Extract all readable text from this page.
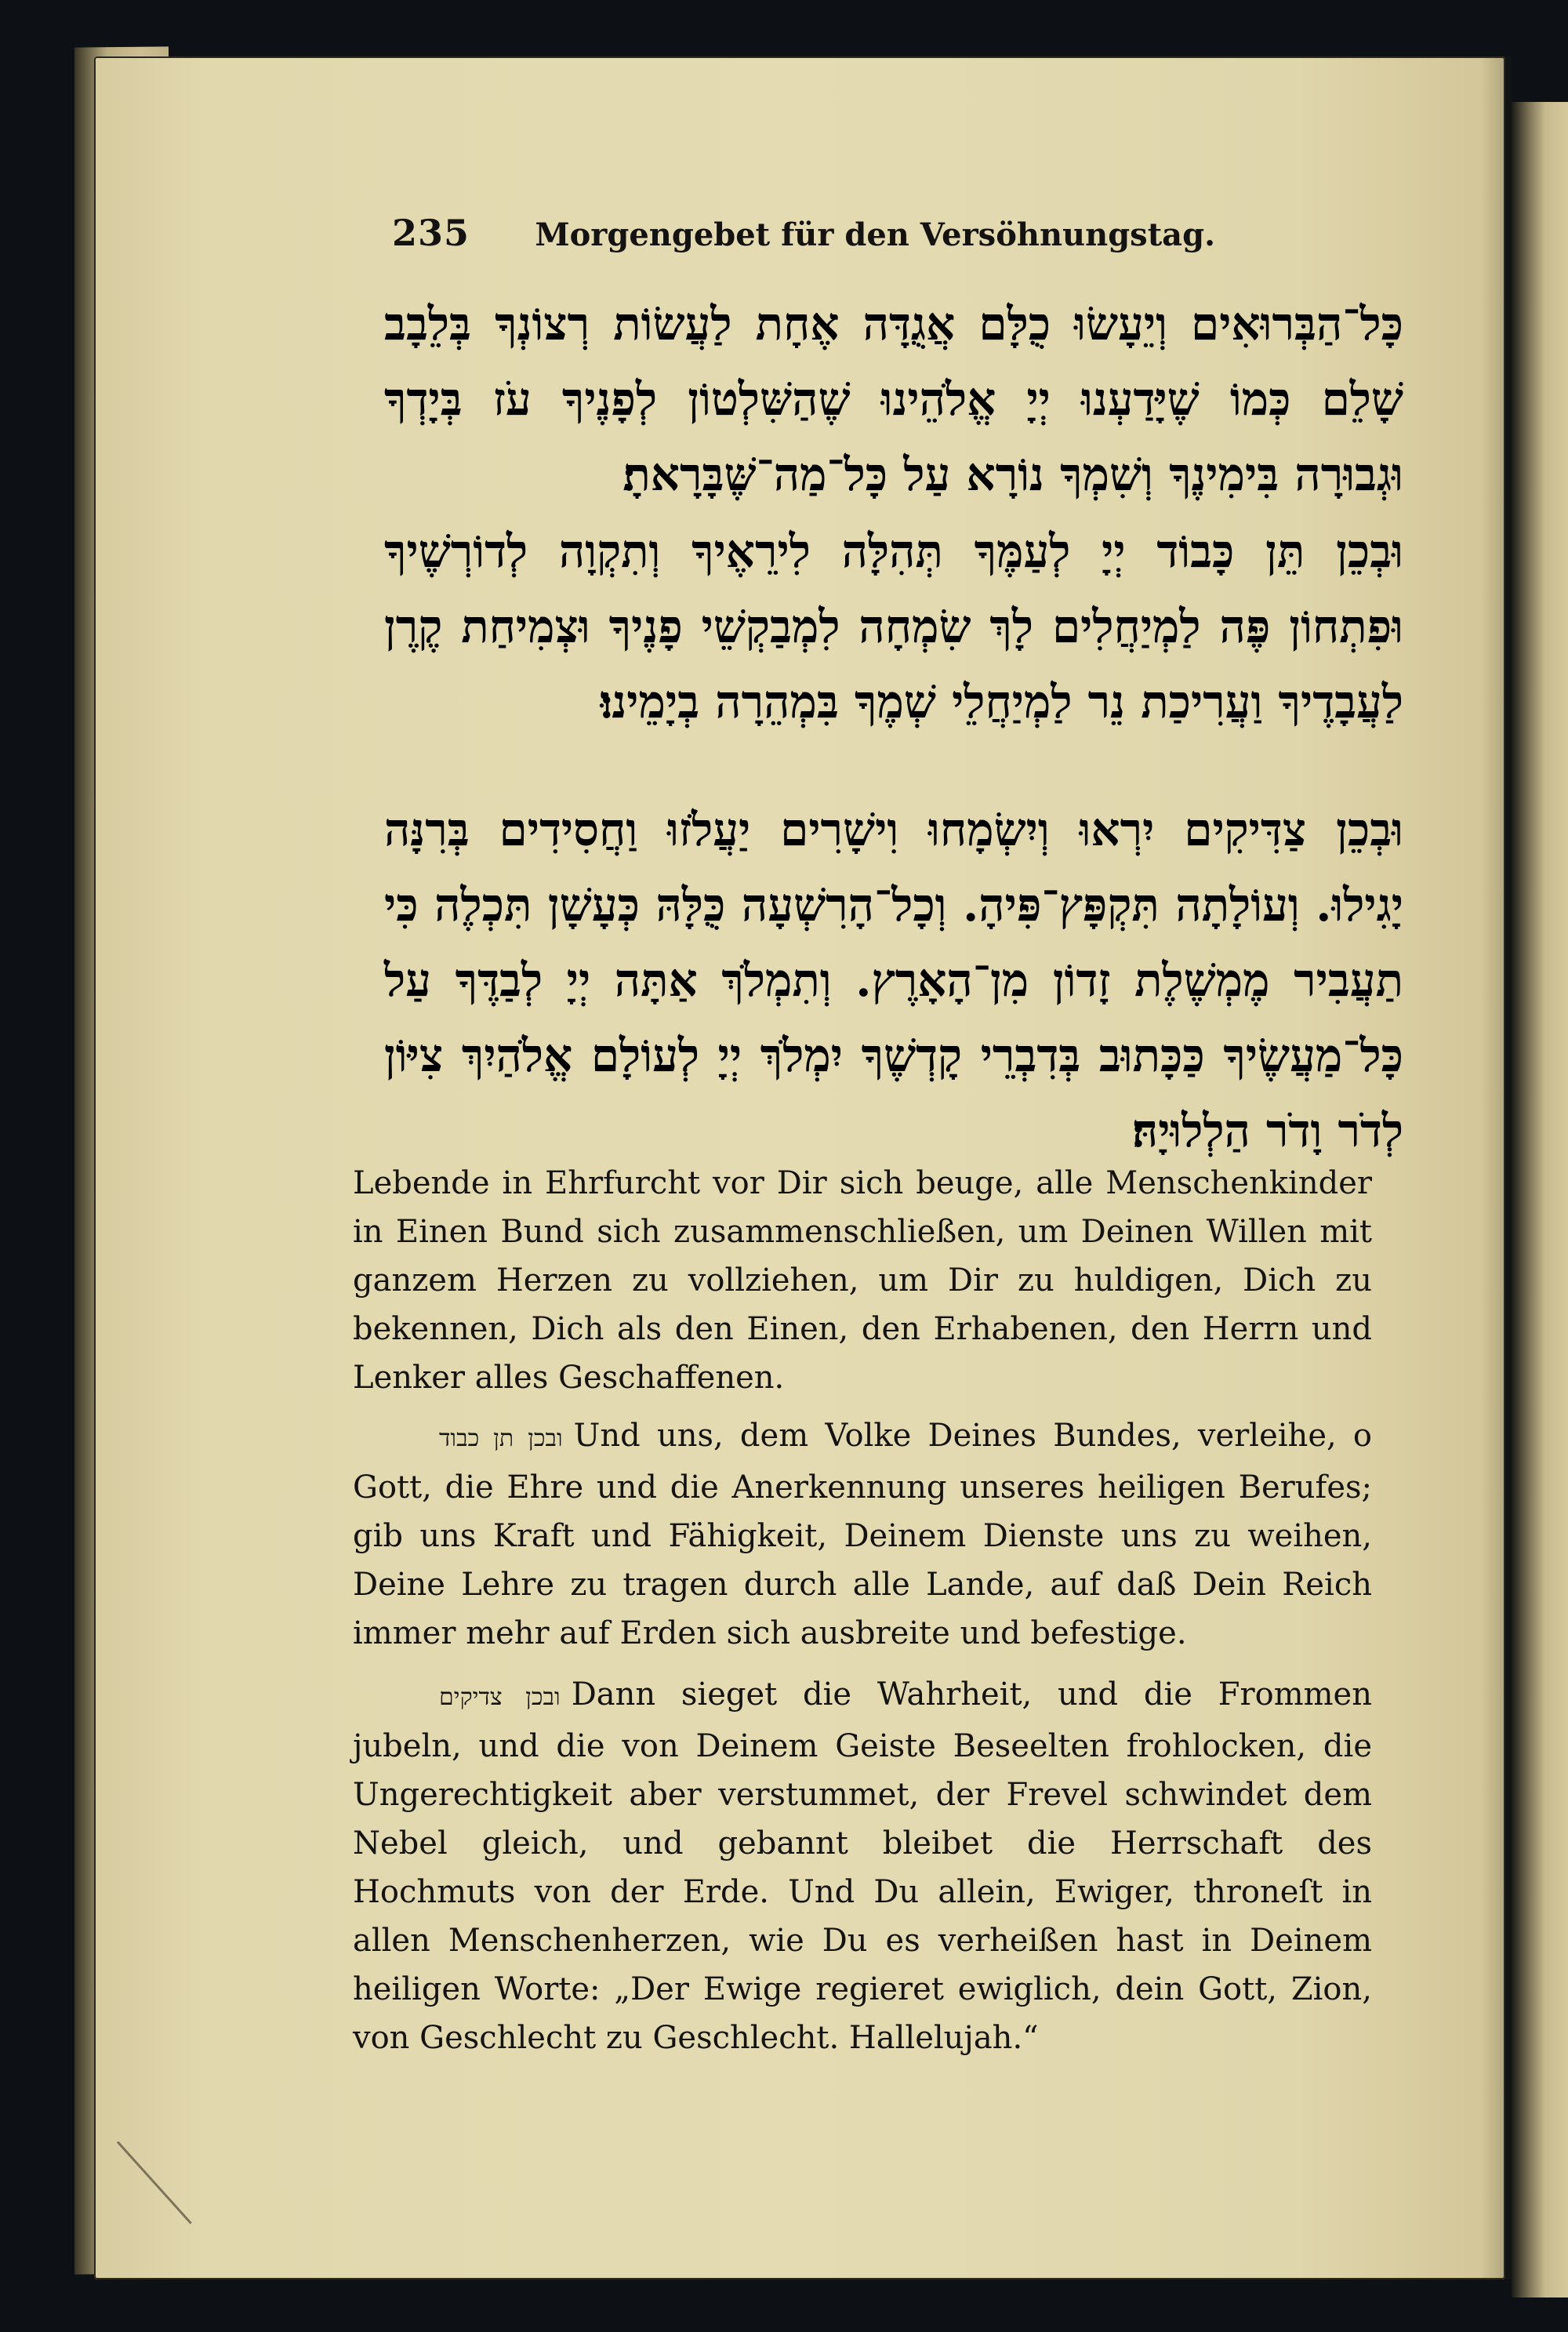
235 Morgengebet für den Versöhnungstag.

כָּל־הַבְּרוּאִים וְיֵעָשׂוּ כֻלָּם אֲגֻדָּה אֶחָת לַעֲשׂוֹת רְצוֹנְךָ בְּלֵבָב שָׁלֵם כְּמוֹ שֶׁיָּדַעְנוּ יְיָ אֱלֹהֵינוּ שֶׁהַשִּׁלְטוֹן לְפָנֶיךָ עֹז בְּיָדְךָ וּגְבוּרָה בִּימִינֶךָ וְשִׁמְךָ נוֹרָא עַל כָּל־מַה־שֶּׁבָּרָאתָ׃

וּבְכֵן תֵּן כָּבוֹד יְיָ לְעַמֶּךָ תְּהִלָּה לִירֵאֶיךָ וְתִקְוָה לְדוֹרְשֶׁיךָ וּפִתְחוֹן פֶּה לַמְיַחֲלִים לָךְ שִׂמְחָה לִמְבַקְשֵׁי פָנֶיךָ וּצְמִיחַת קֶרֶן לַעֲבָדֶיךָ וַעֲרִיכַת נֵר לַמְיַחֲלֵי שְׁמֶךָ בִּמְהֵרָה בְיָמֵינוּ׃

וּבְכֵן צַדִּיקִים יִרְאוּ וְיִשְׂמָחוּ וִישָׁרִים יַעֲלֹזוּ וַחֲסִידִים בְּרִנָּה יָגִילוּ. וְעוֹלָתָה תִּקְפָּץ־פִּיהָ. וְכָל־הָרִשְׁעָה כֻּלָּהּ כְּעָשָׁן תִּכְלֶה כִּי תַעֲבִיר מֶמְשֶׁלֶת זָדוֹן מִן־הָאָרֶץ. וְתִמְלֹךְ אַתָּה יְיָ לְבַדֶּךָ עַל כָּל־מַעֲשֶׂיךָ כַּכָּתוּב בְּדִבְרֵי קָדְשֶׁךָ יִמְלֹךְ יְיָ לְעוֹלָם אֱלֹהַיִךְ צִיּוֹן לְדֹר וָדֹר הַלְלוּיָהּ׃

Lebende in Ehrfurcht vor Dir sich beuge, alle Menschenkinder in Einen Bund sich zusammenschließen, um Deinen Willen mit ganzem Herzen zu vollziehen, um Dir zu huldigen, Dich zu bekennen, Dich als den Einen, den Erhabenen, den Herrn und Lenker alles Geschaffenen.

ובכן תן כבוד Und uns, dem Volke Deines Bundes, verleihe, o Gott, die Ehre und die Anerkennung unseres heiligen Berufes; gib uns Kraft und Fähigkeit, Deinem Dienste uns zu weihen, Deine Lehre zu tragen durch alle Lande, auf daß Dein Reich immer mehr auf Erden sich ausbreite und befestige.

ובכן צדיקים Dann sieget die Wahrheit, und die Frommen jubeln, und die von Deinem Geiste Beseelten frohlocken, die Ungerechtigkeit aber verstummet, der Frevel schwindet dem Nebel gleich, und gebannt bleibet die Herrschaft des Hochmuts von der Erde. Und Du allein, Ewiger, throneſt in allen Menschenherzen, wie Du es verheißen hast in Deinem heiligen Worte: „Der Ewige regieret ewiglich, dein Gott, Zion, von Geschlecht zu Geschlecht. Hallelujah.“
